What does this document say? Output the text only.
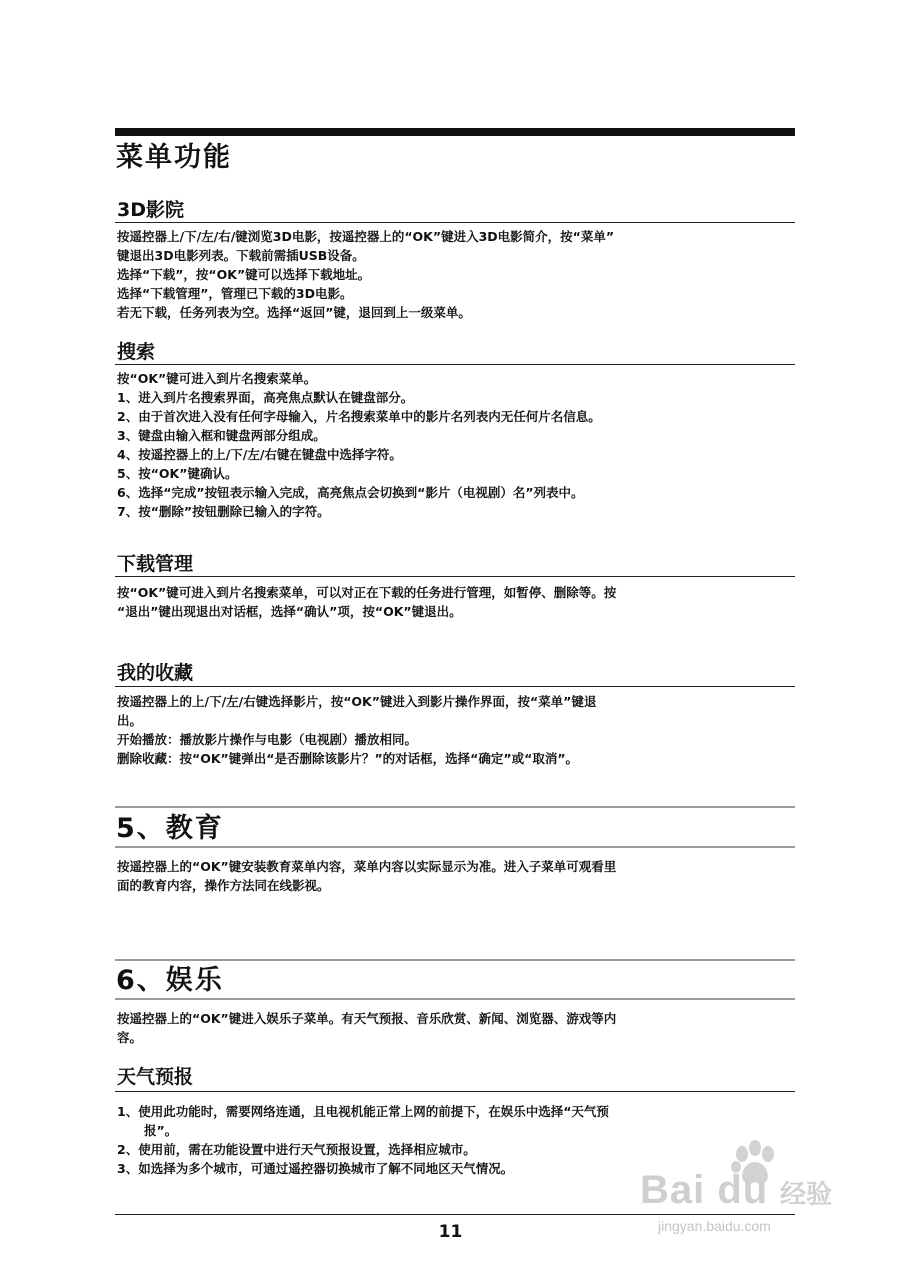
菜单功能
3D影院
按遥控器上/下/左/右/键浏览3D电影，按遥控器上的“OK”键进入3D电影简介，按“菜单”
键退出3D电影列表。下载前需插USB设备。
选择“下载”，按“OK”键可以选择下载地址。
选择“下载管理”，管理已下载的3D电影。
若无下载，任务列表为空。选择“返回”键，退回到上一级菜单。
搜索
按“OK”键可进入到片名搜索菜单。
1、进入到片名搜索界面，高亮焦点默认在键盘部分。
2、由于首次进入没有任何字母输入，片名搜索菜单中的影片名列表内无任何片名信息。
3、键盘由输入框和键盘两部分组成。
4、按遥控器上的上/下/左/右键在键盘中选择字符。
5、按“OK”键确认。
6、选择“完成”按钮表示输入完成，高亮焦点会切换到“影片（电视剧）名”列表中。
7、按“删除”按钮删除已输入的字符。
下载管理
按“OK”键可进入到片名搜索菜单，可以对正在下载的任务进行管理，如暂停、删除等。按
“退出”键出现退出对话框，选择“确认”项，按“OK”键退出。
我的收藏
按遥控器上的上/下/左/右键选择影片，按“OK”键进入到影片操作界面，按“菜单”键退
出。
开始播放：播放影片操作与电影（电视剧）播放相同。
删除收藏：按“OK”键弹出“是否删除该影片？”的对话框，选择“确定”或“取消”。
5、教育
按遥控器上的“OK”键安装教育菜单内容，菜单内容以实际显示为准。进入子菜单可观看里
面的教育内容，操作方法同在线影视。
6、娱乐
按遥控器上的“OK”键进入娱乐子菜单。有天气预报、音乐欣赏、新闻、浏览器、游戏等内
容。
天气预报
1、使用此功能时，需要网络连通，且电视机能正常上网的前提下，在娱乐中选择“天气预
报”。
2、使用前，需在功能设置中进行天气预报设置，选择相应城市。
3、如选择为多个城市，可通过遥控器切换城市了解不同地区天气情况。
11
Bai du 经验
jingyan.baidu.com
